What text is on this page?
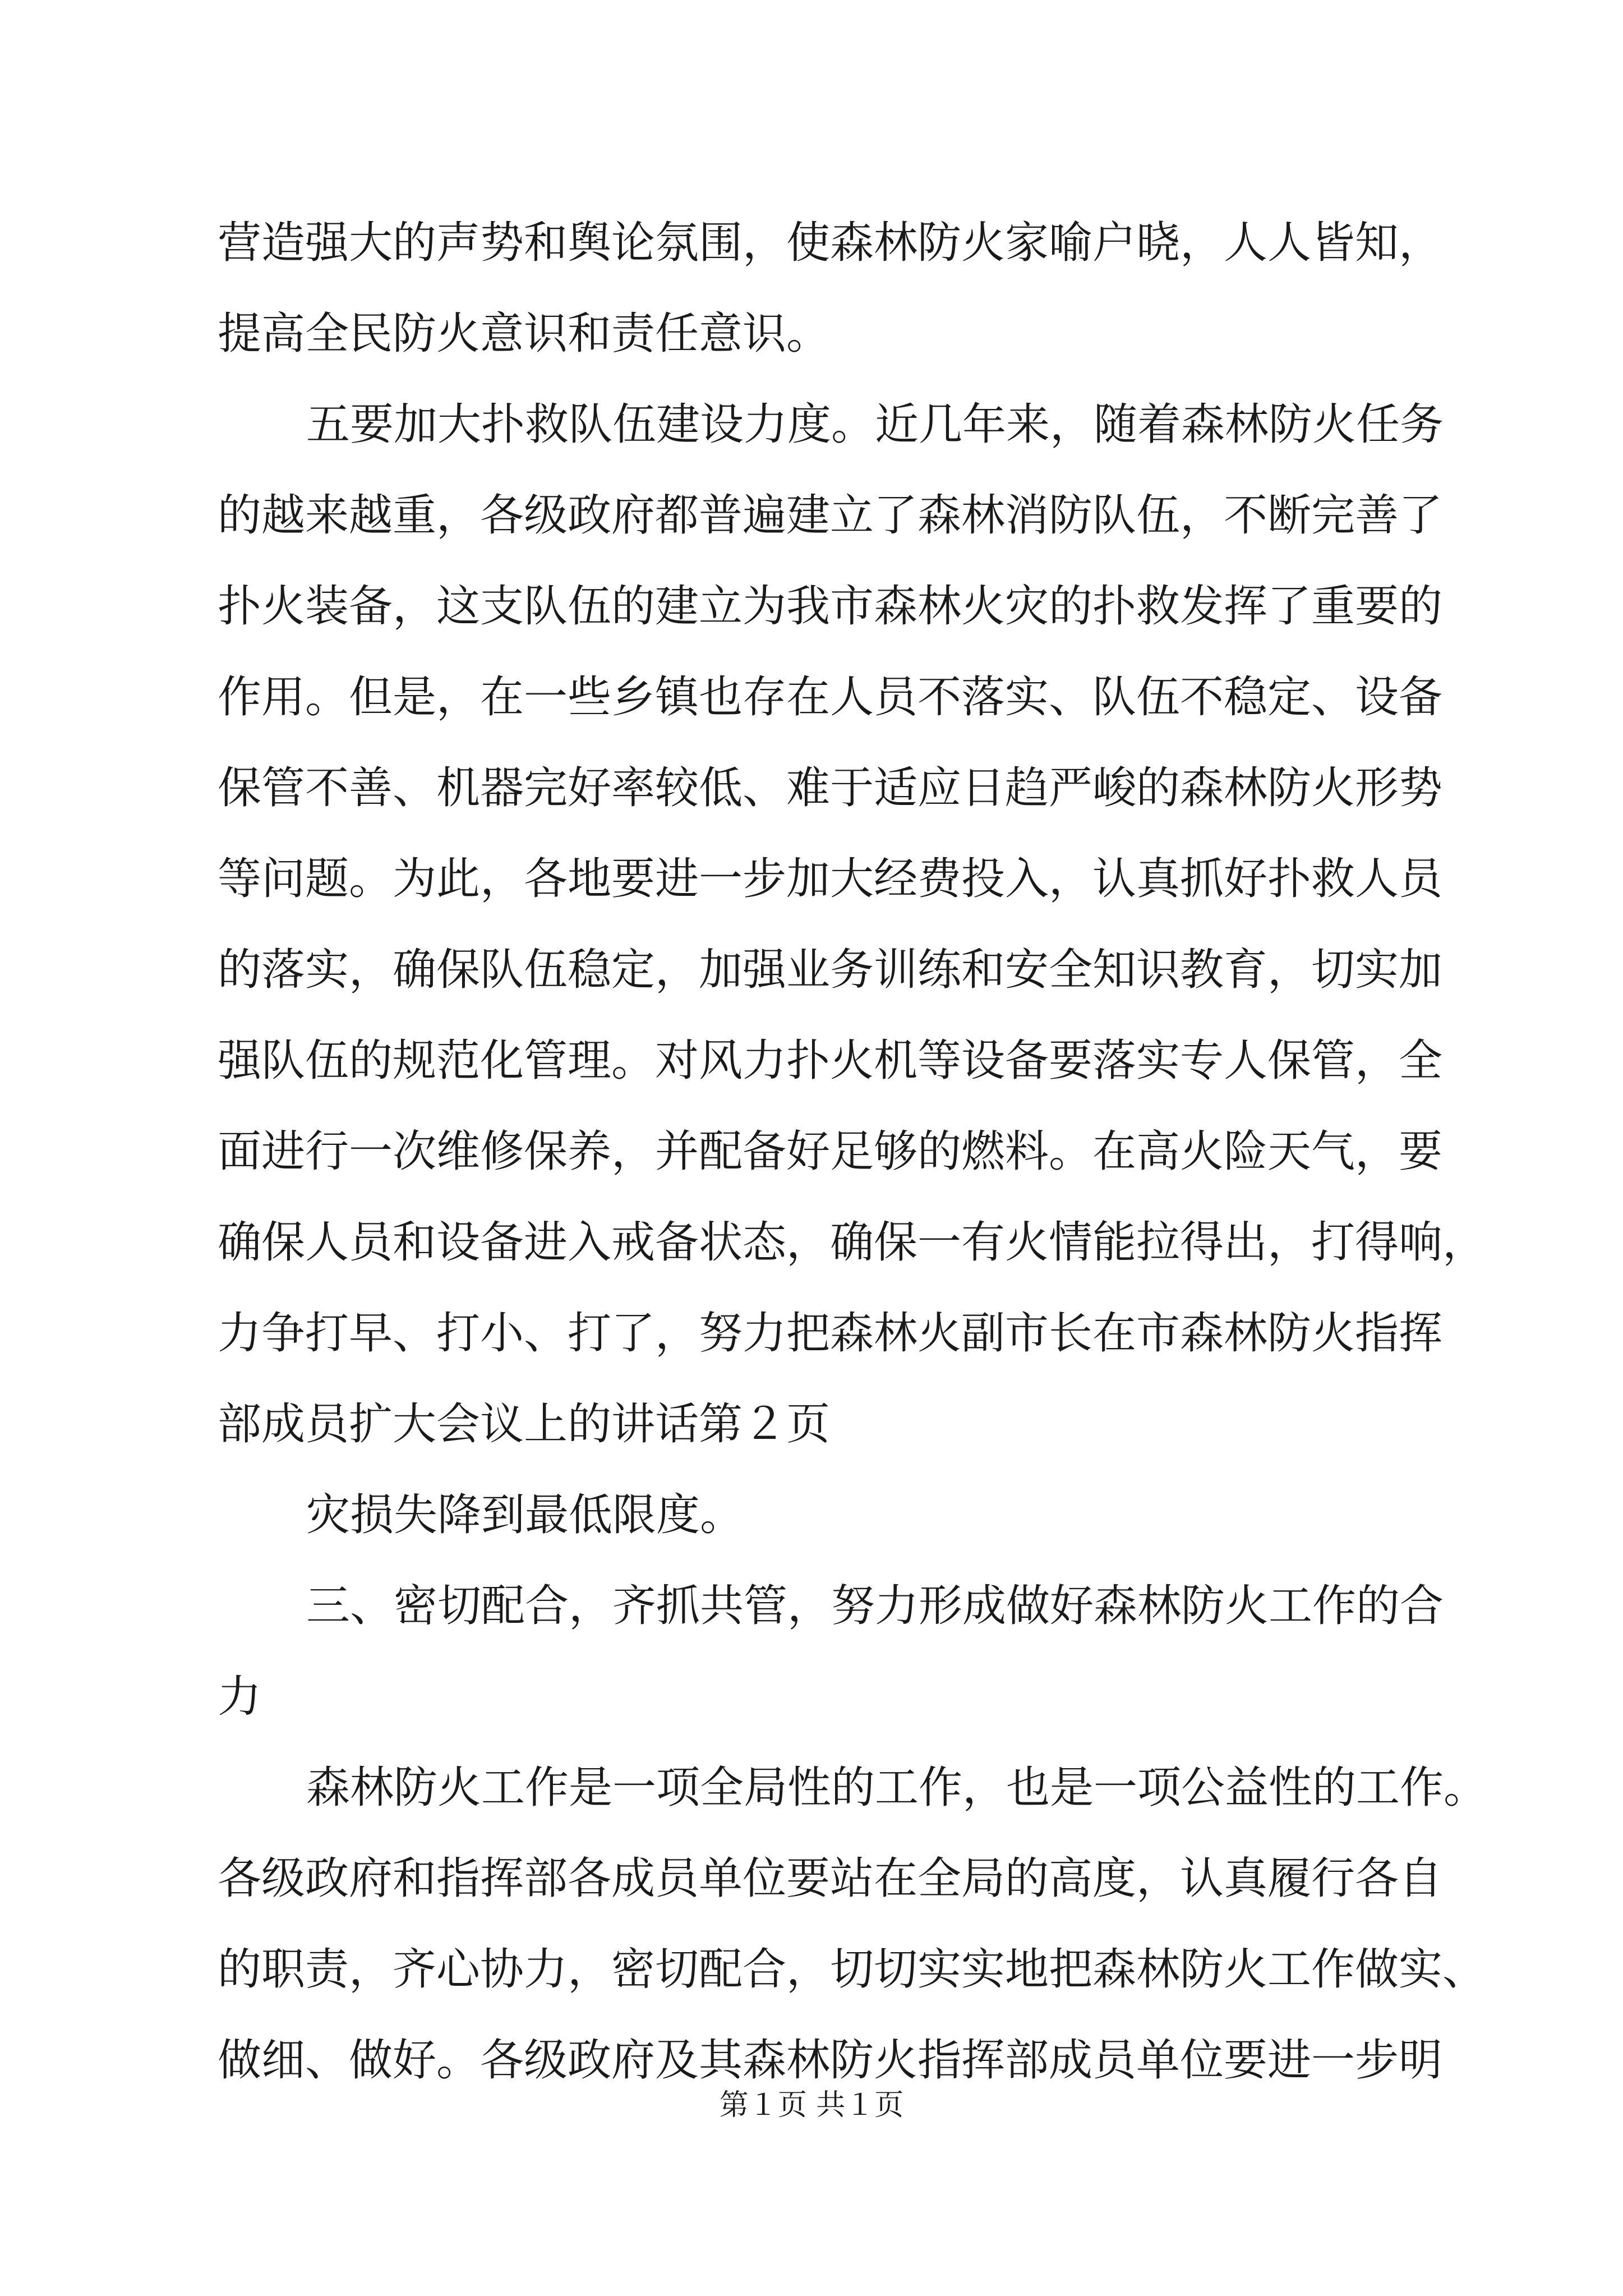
营造强大的声势和舆论氛围，使森林防火家喻户晓，人人皆知，
提高全民防火意识和责任意识。
五要加大扑救队伍建设力度。近几年来，随着森林防火任务
的越来越重，各级政府都普遍建立了森林消防队伍，不断完善了
扑火装备，这支队伍的建立为我市森林火灾的扑救发挥了重要的
作用。但是，在一些乡镇也存在人员不落实、队伍不稳定、设备
保管不善、机器完好率较低、难于适应日趋严峻的森林防火形势
等问题。为此，各地要进一步加大经费投入，认真抓好扑救人员
的落实，确保队伍稳定，加强业务训练和安全知识教育，切实加
强队伍的规范化管理。对风力扑火机等设备要落实专人保管，全
面进行一次维修保养，并配备好足够的燃料。在高火险天气，要
确保人员和设备进入戒备状态，确保一有火情能拉得出，打得响，
力争打早、打小、打了，努力把森林火副市长在市森林防火指挥
部成员扩大会议上的讲话第２页
灾损失降到最低限度。
三、密切配合，齐抓共管，努力形成做好森林防火工作的合
力
森林防火工作是一项全局性的工作，也是一项公益性的工作。
各级政府和指挥部各成员单位要站在全局的高度，认真履行各自
的职责，齐心协力，密切配合，切切实实地把森林防火工作做实、
做细、做好。各级政府及其森林防火指挥部成员单位要进一步明
第１页 共１页
